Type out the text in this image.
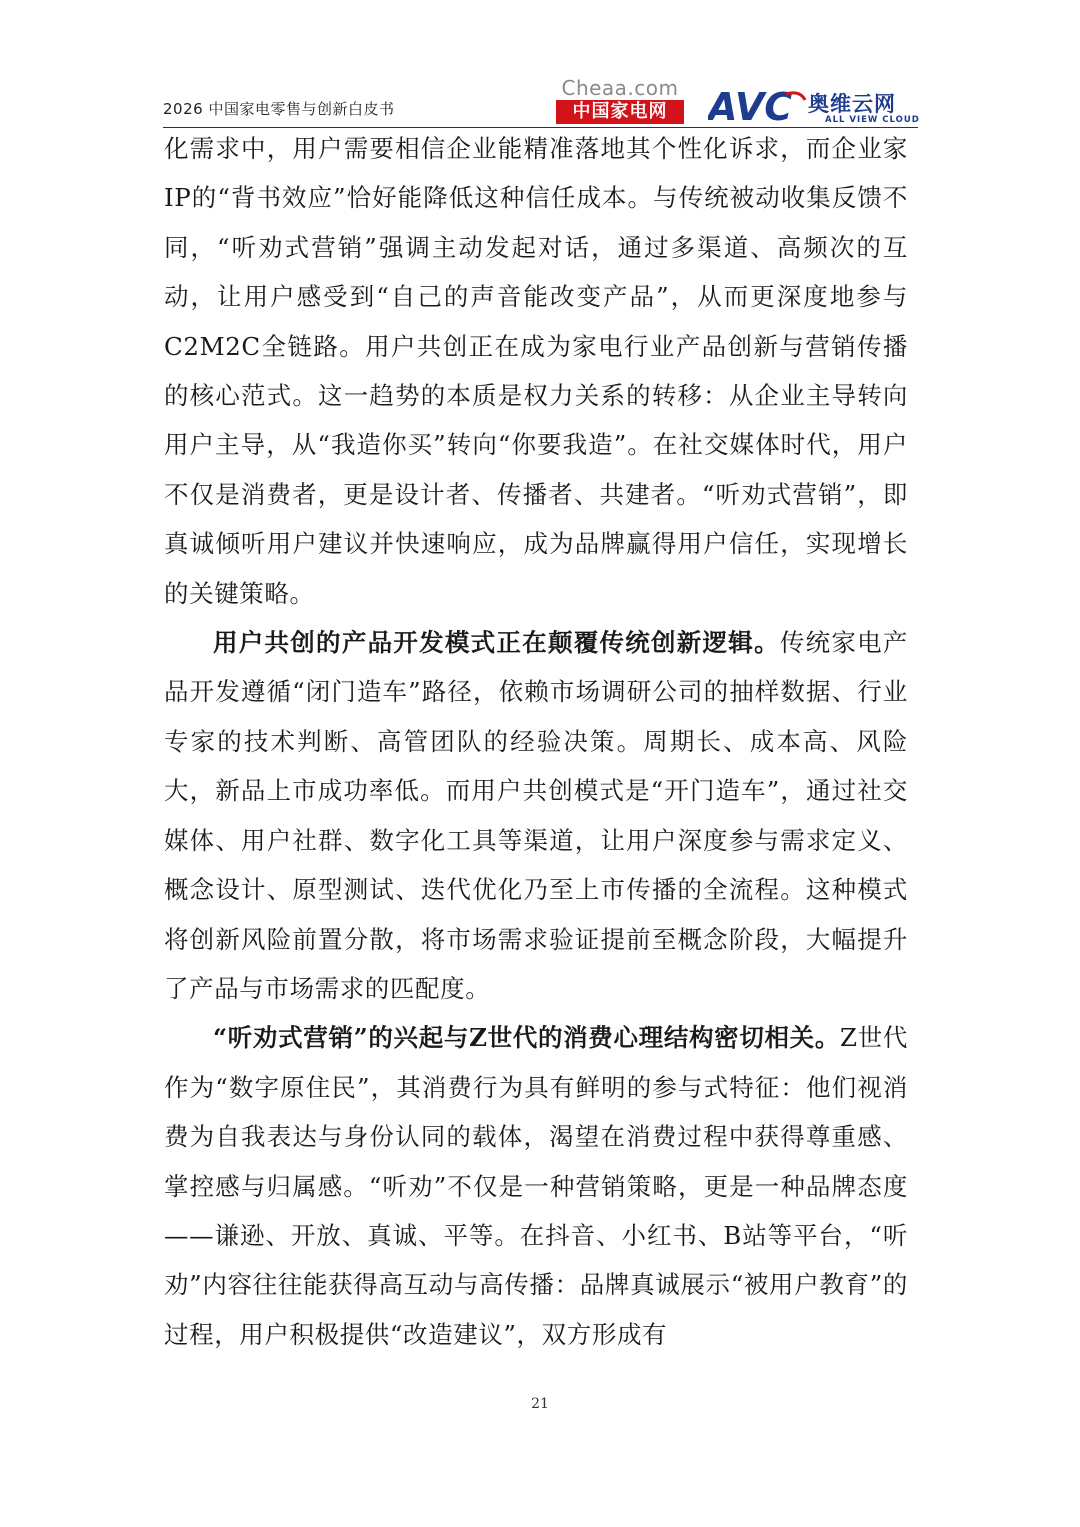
2026 中国家电零售与创新白皮书
Cheaa.com
中国家电网	AVC 奥维云网
ALL VIEW CLOUD

化需求中，用户需要相信企业能精准落地其个性化诉求，而企业家IP的“背书效应”恰好能降低这种信任成本。与传统被动收集反馈不同，“听劝式营销”强调主动发起对话，通过多渠道、高频次的互动，让用户感受到“自己的声音能改变产品”，从而更深度地参与C2M2C全链路。用户共创正在成为家电行业产品创新与营销传播的核心范式。这一趋势的本质是权力关系的转移：从企业主导转向用户主导，从“我造你买”转向“你要我造”。在社交媒体时代，用户不仅是消费者，更是设计者、传播者、共建者。“听劝式营销”，即真诚倾听用户建议并快速响应，成为品牌赢得用户信任，实现增长的关键策略。

用户共创的产品开发模式正在颠覆传统创新逻辑。传统家电产品开发遵循“闭门造车”路径，依赖市场调研公司的抽样数据、行业专家的技术判断、高管团队的经验决策。周期长、成本高、风险大，新品上市成功率低。而用户共创模式是“开门造车”，通过社交媒体、用户社群、数字化工具等渠道，让用户深度参与需求定义、概念设计、原型测试、迭代优化乃至上市传播的全流程。这种模式将创新风险前置分散，将市场需求验证提前至概念阶段，大幅提升了产品与市场需求的匹配度。

“听劝式营销”的兴起与Z世代的消费心理结构密切相关。Z世代作为“数字原住民”，其消费行为具有鲜明的参与式特征：他们视消费为自我表达与身份认同的载体，渴望在消费过程中获得尊重感、掌控感与归属感。“听劝”不仅是一种营销策略，更是一种品牌态度——谦逊、开放、真诚、平等。在抖音、小红书、B站等平台，“听劝”内容往往能获得高互动与高传播：品牌真诚展示“被用户教育”的过程，用户积极提供“改造建议”，双方形成有

21
